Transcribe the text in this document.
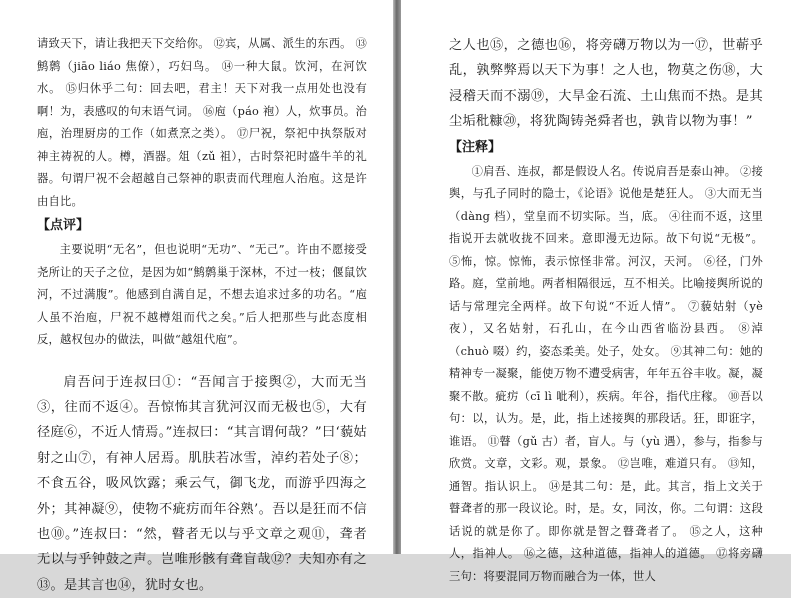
请致天下，请让我把天下交给你。 ⑫宾，从属、派生的东西。 ⑬鹪鹩（jiāo liáo 焦僚），巧妇鸟。 ⑭一种大鼠。饮河，在河饮水。 ⑮归休乎二句：回去吧，君主！天下对我一点用处也没有啊！为，表感叹的句末语气词。 ⑯庖（páo 袍）人，炊事员。治庖，治理厨房的工作（如煮烹之类）。 ⑰尸祝，祭祀中执祭版对神主祷祝的人。樽，酒器。俎（zǔ 祖），古时祭祀时盛牛羊的礼器。句谓尸祝不会超越自己祭神的职责而代理庖人治庖。这是许由自比。

【点评】

主要说明“无名”，但也说明“无功”、“无己”。许由不愿接受尧所让的天子之位，是因为如“鹪鹩巢于深林，不过一枝；偃鼠饮河，不过满腹”。他感到自满自足，不想去追求过多的功名。“庖人虽不治庖，尸祝不越樽俎而代之矣。”后人把那些与此态度相反，越权包办的做法，叫做“越俎代庖”。

肩吾问于连叔曰①：“吾闻言于接舆②，大而无当③，往而不返④。吾惊怖其言犹河汉而无极也⑤，大有径庭⑥，不近人情焉。”连叔曰：“其言谓何哉？”曰‘藐姑射之山⑦，有神人居焉。肌肤若冰雪，淖约若处子⑧；不食五谷，吸风饮露；乘云气，御飞龙，而游乎四海之外；其神凝⑨，使物不疵疠而年谷熟’。吾以是狂而不信也⑩。”连叔曰：“然，瞽者无以与乎文章之观⑪，聋者无以与乎钟鼓之声。岂唯形骸有聋盲哉⑫？夫知亦有之⑬。是其言也⑭，犹时女也。

之人也⑮，之德也⑯，将旁礴万物以为一⑰，世蕲乎乱，孰弊弊焉以天下为事！之人也，物莫之伤⑱，大浸稽天而不溺⑲，大旱金石流、土山焦而不热。是其尘垢秕糠⑳，将犹陶铸尧舜者也，孰肯以物为事！”

【注释】

①肩吾、连叔，都是假设人名。传说肩吾是泰山神。 ②接舆，与孔子同时的隐士，《论语》说他是楚狂人。 ③大而无当（dàng 档），堂皇而不切实际。当，底。 ④往而不返，这里指说开去就收拢不回来。意即漫无边际。故下句说“无极”。 ⑤怖，惊。惊怖，表示惊怪非常。河汉，天河。 ⑥径，门外路。庭，堂前地。两者相隔很远，互不相关。比喻接舆所说的话与常理完全两样。故下句说“不近人情”。 ⑦藐姑射（yè 夜），又名姑射，石孔山，在今山西省临汾县西。 ⑧淖（chuò 啜）约，姿态柔美。处子，处女。 ⑨其神二句：她的精神专一凝聚，能使万物不遭受病害，年年五谷丰收。凝，凝聚不散。疵疠（cī lì 呲利），疾病。年谷，指代庄稼。 ⑩吾以句：以，认为。是，此，指上述接舆的那段话。狂，即诳字，谁语。 ⑪瞽（gǔ 古）者，盲人。与（yù 遇），参与，指参与欣赏。文章，文彩。观，景象。 ⑫岂唯，难道只有。 ⑬知，通智。指认识上。 ⑭是其二句：是，此。其言，指上文关于瞽聋者的那一段议论。时，是。女，同汝，你。二句谓：这段话说的就是你了。即你就是智之瞽聋者了。 ⑮之人，这种人，指神人。 ⑯之德，这种道德，指神人的道德。 ⑰将旁礴三句：将要混同万物而融合为一体，世人
